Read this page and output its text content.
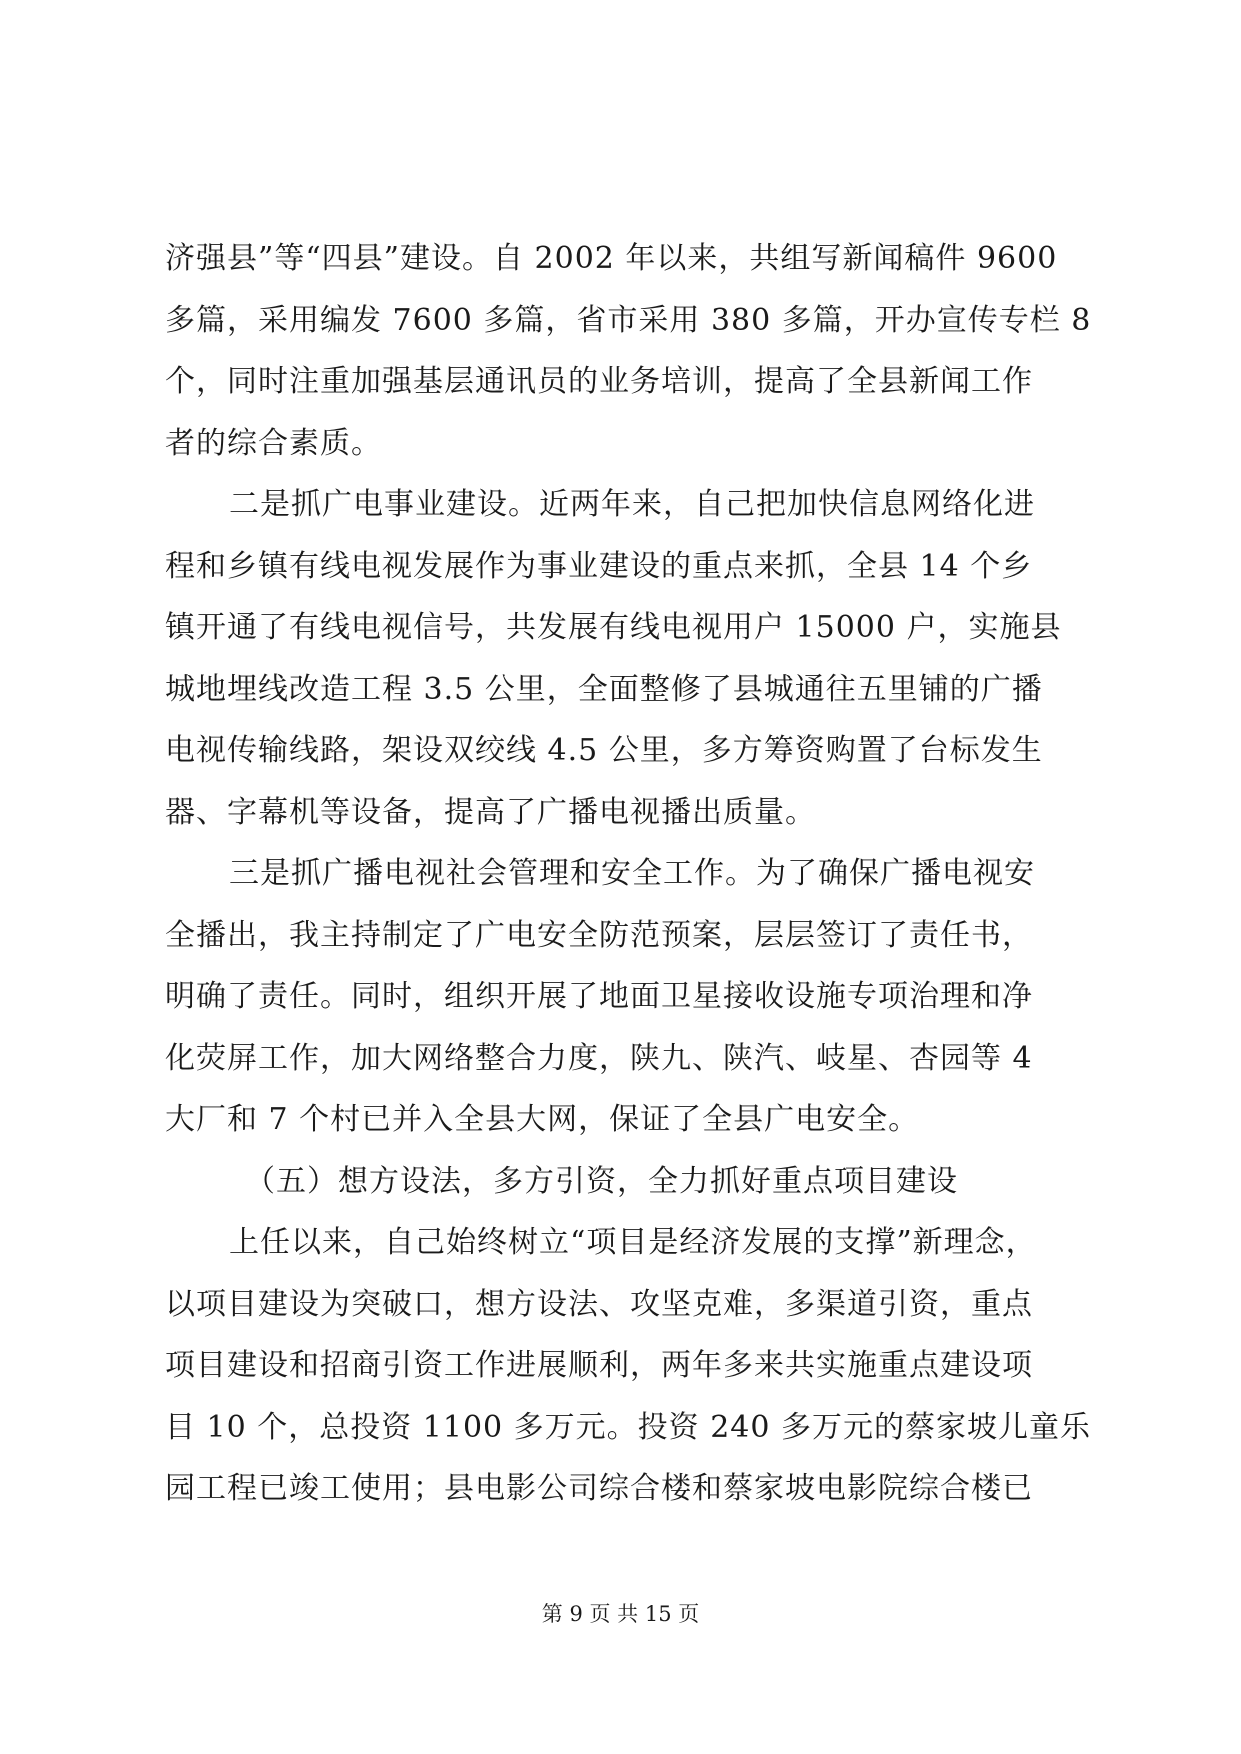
济强县”等“四县”建设。自 2002 年以来，共组写新闻稿件 9600
多篇，采用编发 7600 多篇，省市采用 380 多篇，开办宣传专栏 8
个，同时注重加强基层通讯员的业务培训，提高了全县新闻工作
者的综合素质。
二是抓广电事业建设。近两年来，自己把加快信息网络化进
程和乡镇有线电视发展作为事业建设的重点来抓，全县 14 个乡
镇开通了有线电视信号，共发展有线电视用户 15000 户，实施县
城地埋线改造工程 3.5 公里，全面整修了县城通往五里铺的广播
电视传输线路，架设双绞线 4.5 公里，多方筹资购置了台标发生
器、字幕机等设备，提高了广播电视播出质量。
三是抓广播电视社会管理和安全工作。为了确保广播电视安
全播出，我主持制定了广电安全防范预案，层层签订了责任书，
明确了责任。同时，组织开展了地面卫星接收设施专项治理和净
化荧屏工作，加大网络整合力度，陕九、陕汽、岐星、杏园等 4
大厂和 7 个村已并入全县大网，保证了全县广电安全。
（五）想方设法，多方引资，全力抓好重点项目建设
上任以来，自己始终树立“项目是经济发展的支撑”新理念，
以项目建设为突破口，想方设法、攻坚克难，多渠道引资，重点
项目建设和招商引资工作进展顺利，两年多来共实施重点建设项
目 10 个，总投资 1100 多万元。投资 240 多万元的蔡家坡儿童乐
园工程已竣工使用；县电影公司综合楼和蔡家坡电影院综合楼已
第 9 页 共 15 页
